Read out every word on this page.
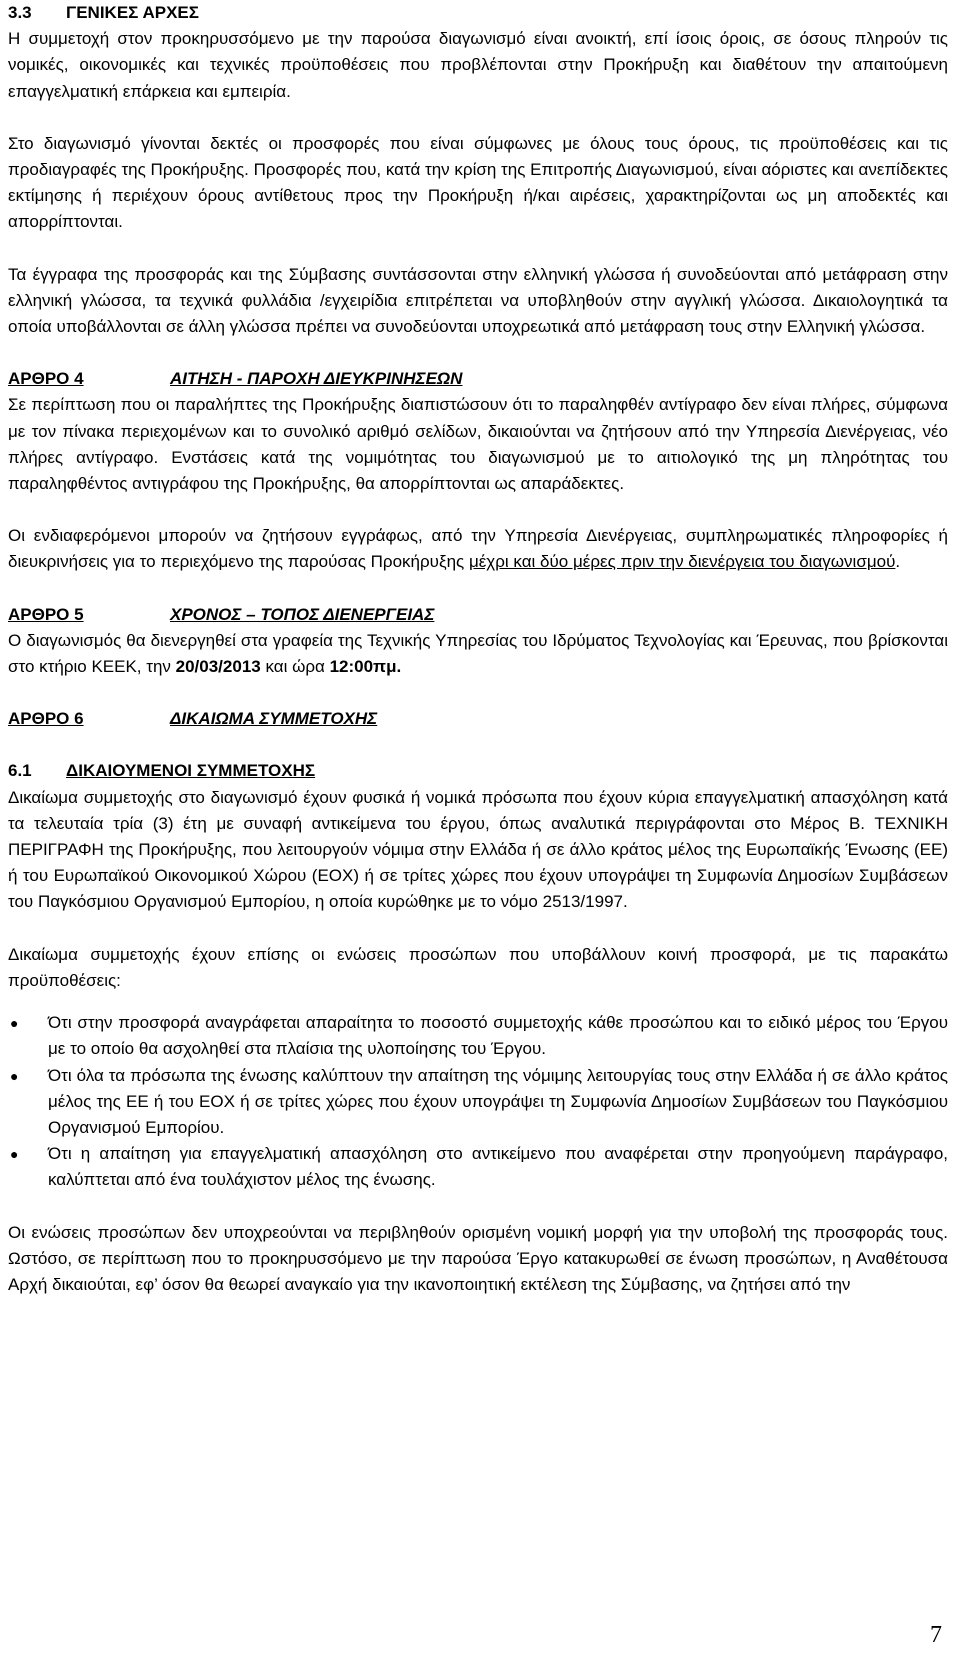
3.3 ΓΕΝΙΚΕΣ ΑΡΧΕΣ

Η συμμετοχή στον προκηρυσσόμενο με την παρούσα διαγωνισμό είναι ανοικτή, επί ίσοις όροις, σε όσους πληρούν τις νομικές, οικονομικές και τεχνικές προϋποθέσεις που προβλέπονται στην Προκήρυξη και διαθέτουν την απαιτούμενη επαγγελματική επάρκεια και εμπειρία.

Στο διαγωνισμό γίνονται δεκτές οι προσφορές που είναι σύμφωνες με όλους τους όρους, τις προϋποθέσεις και τις προδιαγραφές της Προκήρυξης. Προσφορές που, κατά την κρίση της Επιτροπής Διαγωνισμού, είναι αόριστες και ανεπίδεκτες εκτίμησης ή περιέχουν όρους αντίθετους προς την Προκήρυξη ή/και αιρέσεις, χαρακτηρίζονται ως μη αποδεκτές και απορρίπτονται.

Τα έγγραφα της προσφοράς και της Σύμβασης συντάσσονται στην ελληνική γλώσσα ή συνοδεύονται από μετάφραση στην ελληνική γλώσσα, τα τεχνικά φυλλάδια /εγχειρίδια επιτρέπεται να υποβληθούν στην αγγλική γλώσσα. Δικαιολογητικά τα οποία υποβάλλονται σε άλλη γλώσσα πρέπει να συνοδεύονται υποχρεωτικά από μετάφραση τους στην Ελληνική γλώσσα.

ΑΡΘΡΟ 4	ΑΙΤΗΣΗ - ΠΑΡΟΧΗ ΔΙΕΥΚΡΙΝΗΣΕΩΝ

Σε περίπτωση που οι παραλήπτες της Προκήρυξης διαπιστώσουν ότι το παραληφθέν αντίγραφο δεν είναι πλήρες, σύμφωνα με τον πίνακα περιεχομένων και το συνολικό αριθμό σελίδων, δικαιούνται να ζητήσουν από την Υπηρεσία Διενέργειας, νέο πλήρες αντίγραφο. Ενστάσεις κατά της νομιμότητας του διαγωνισμού με το αιτιολογικό της μη πληρότητας του παραληφθέντος αντιγράφου της Προκήρυξης, θα απορρίπτονται ως απαράδεκτες.

Οι ενδιαφερόμενοι μπορούν να ζητήσουν εγγράφως, από την Υπηρεσία Διενέργειας, συμπληρωματικές πληροφορίες ή διευκρινήσεις για το περιεχόμενο της παρούσας Προκήρυξης μέχρι και δύο μέρες πριν την διενέργεια του διαγωνισμού.

ΑΡΘΡΟ 5	ΧΡΟΝΟΣ – ΤΟΠΟΣ ΔΙΕΝΕΡΓΕΙΑΣ

Ο διαγωνισμός θα διενεργηθεί στα γραφεία της Τεχνικής Υπηρεσίας του Ιδρύματος Τεχνολογίας και Έρευνας, που βρίσκονται στο κτήριο ΚΕΕΚ, την 20/03/2013 και ώρα 12:00πμ.

ΑΡΘΡΟ 6	ΔΙΚΑΙΩΜΑ ΣΥΜΜΕΤΟΧΗΣ

6.1 ΔΙΚΑΙΟΥΜΕΝΟΙ ΣΥΜΜΕΤΟΧΗΣ

Δικαίωμα συμμετοχής στο διαγωνισμό έχουν φυσικά ή νομικά πρόσωπα που έχουν κύρια επαγγελματική απασχόληση κατά τα τελευταία τρία (3) έτη με συναφή αντικείμενα του έργου, όπως αναλυτικά περιγράφονται στο Μέρος Β. ΤΕΧΝΙΚΗ ΠΕΡΙΓΡΑΦΗ της Προκήρυξης, που λειτουργούν νόμιμα στην Ελλάδα ή σε άλλο κράτος μέλος της Ευρωπαϊκής Ένωσης (ΕΕ) ή του Ευρωπαϊκού Οικονομικού Χώρου (ΕΟΧ) ή σε τρίτες χώρες που έχουν υπογράψει τη Συμφωνία Δημοσίων Συμβάσεων του Παγκόσμιου Οργανισμού Εμπορίου, η οποία κυρώθηκε με το νόμο 2513/1997.

Δικαίωμα συμμετοχής έχουν επίσης οι ενώσεις προσώπων που υποβάλλουν κοινή προσφορά, με τις παρακάτω προϋποθέσεις:

● Ότι στην προσφορά αναγράφεται απαραίτητα το ποσοστό συμμετοχής κάθε προσώπου και το ειδικό μέρος του Έργου με το οποίο θα ασχοληθεί στα πλαίσια της υλοποίησης του Έργου.
● Ότι όλα τα πρόσωπα της ένωσης καλύπτουν την απαίτηση της νόμιμης λειτουργίας τους στην Ελλάδα ή σε άλλο κράτος μέλος της ΕΕ ή του ΕΟΧ ή σε τρίτες χώρες που έχουν υπογράψει τη Συμφωνία Δημοσίων Συμβάσεων του Παγκόσμιου Οργανισμού Εμπορίου.
● Ότι η απαίτηση για επαγγελματική απασχόληση στο αντικείμενο που αναφέρεται στην προηγούμενη παράγραφο, καλύπτεται από ένα τουλάχιστον μέλος της ένωσης.

Οι ενώσεις προσώπων δεν υποχρεούνται να περιβληθούν ορισμένη νομική μορφή για την υποβολή της προσφοράς τους. Ωστόσο, σε περίπτωση που το προκηρυσσόμενο με την παρούσα Έργο κατακυρωθεί σε ένωση προσώπων, η Αναθέτουσα Αρχή δικαιούται, εφ’ όσον θα θεωρεί αναγκαίο για την ικανοποιητική εκτέλεση της Σύμβασης, να ζητήσει από την

7
